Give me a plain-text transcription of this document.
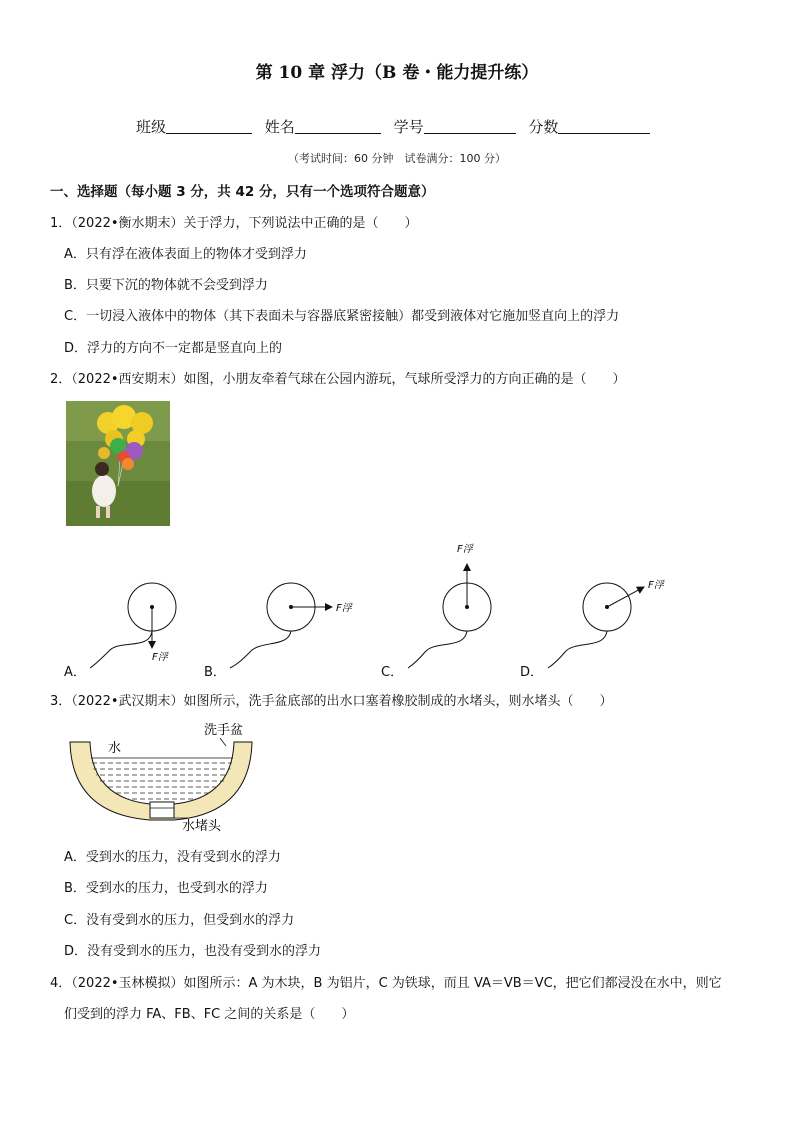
第 10 章 浮力（B 卷・能力提升练）
班级	姓名	学号	分数
（考试时间：60 分钟　试卷满分：100 分）
一、选择题（每小题 3 分，共 42 分，只有一个选项符合题意）
1．（2022•衡水期末）关于浮力，下列说法中正确的是（　　）
A．只有浮在液体表面上的物体才受到浮力
B．只要下沉的物体就不会受到浮力
C．一切浸入液体中的物体（其下表面未与容器底紧密接触）都受到液体对它施加竖直向上的浮力
D．浮力的方向不一定都是竖直向上的
2．（2022•西安期末）如图，小朋友牵着气球在公园内游玩，气球所受浮力的方向正确的是（　　）
F浮
F浮
F浮
F浮
A．	B．	C．	D．
3．（2022•武汉期末）如图所示，洗手盆底部的出水口塞着橡胶制成的水堵头，则水堵头（　　）
水
洗手盆
水堵头
A．受到水的压力，没有受到水的浮力
B．受到水的压力，也受到水的浮力
C．没有受到水的压力，但受到水的浮力
D．没有受到水的压力，也没有受到水的浮力
4．（2022•玉林模拟）如图所示：A 为木块，B 为铝片，C 为铁球，而且 VA＝VB＝VC，把它们都浸没在水中，则它
们受到的浮力 FA、FB、FC 之间的关系是（　　）
